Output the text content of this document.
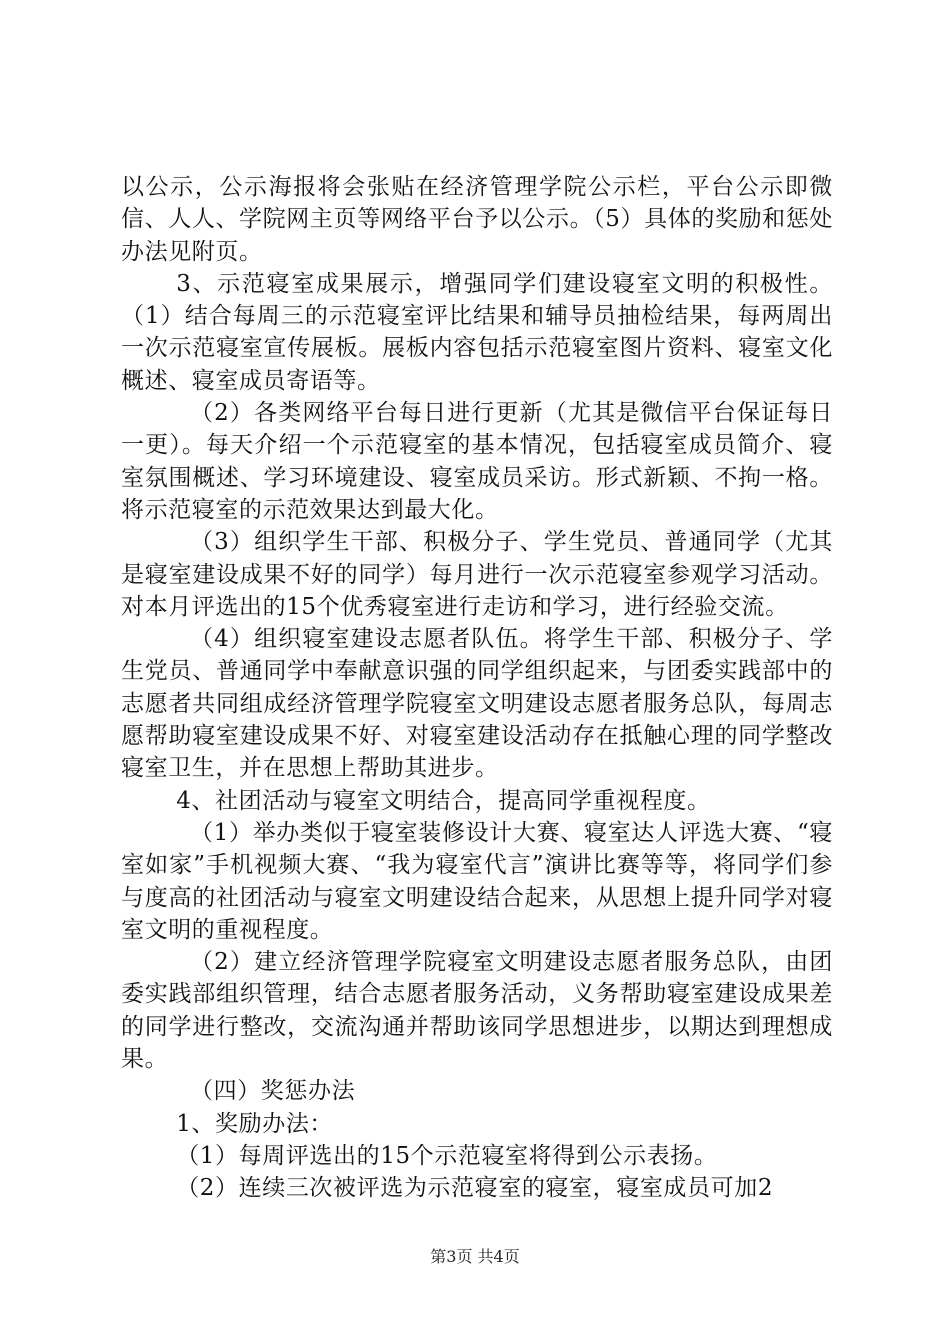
以公示，公示海报将会张贴在经济管理学院公示栏，平台公示即微信、人人、学院网主页等网络平台予以公示。（5）具体的奖励和惩处办法见附页。

3、示范寝室成果展示，增强同学们建设寝室文明的积极性。（1）结合每周三的示范寝室评比结果和辅导员抽检结果，每两周出一次示范寝室宣传展板。展板内容包括示范寝室图片资料、寝室文化概述、寝室成员寄语等。

（2）各类网络平台每日进行更新（尤其是微信平台保证每日一更）。每天介绍一个示范寝室的基本情况，包括寝室成员简介、寝室氛围概述、学习环境建设、寝室成员采访。形式新颖、不拘一格。将示范寝室的示范效果达到最大化。

（3）组织学生干部、积极分子、学生党员、普通同学（尤其是寝室建设成果不好的同学）每月进行一次示范寝室参观学习活动。对本月评选出的15个优秀寝室进行走访和学习，进行经验交流。

（4）组织寝室建设志愿者队伍。将学生干部、积极分子、学生党员、普通同学中奉献意识强的同学组织起来，与团委实践部中的志愿者共同组成经济管理学院寝室文明建设志愿者服务总队，每周志愿帮助寝室建设成果不好、对寝室建设活动存在抵触心理的同学整改寝室卫生，并在思想上帮助其进步。

4、社团活动与寝室文明结合，提高同学重视程度。

（1）举办类似于寝室装修设计大赛、寝室达人评选大赛、“寝室如家”手机视频大赛、“我为寝室代言”演讲比赛等等，将同学们参与度高的社团活动与寝室文明建设结合起来，从思想上提升同学对寝室文明的重视程度。

（2）建立经济管理学院寝室文明建设志愿者服务总队，由团委实践部组织管理，结合志愿者服务活动，义务帮助寝室建设成果差的同学进行整改，交流沟通并帮助该同学思想进步，以期达到理想成果。

（四）奖惩办法

1、奖励办法：

（1）每周评选出的15个示范寝室将得到公示表扬。

（2）连续三次被评选为示范寝室的寝室，寝室成员可加2

第3页 共4页
